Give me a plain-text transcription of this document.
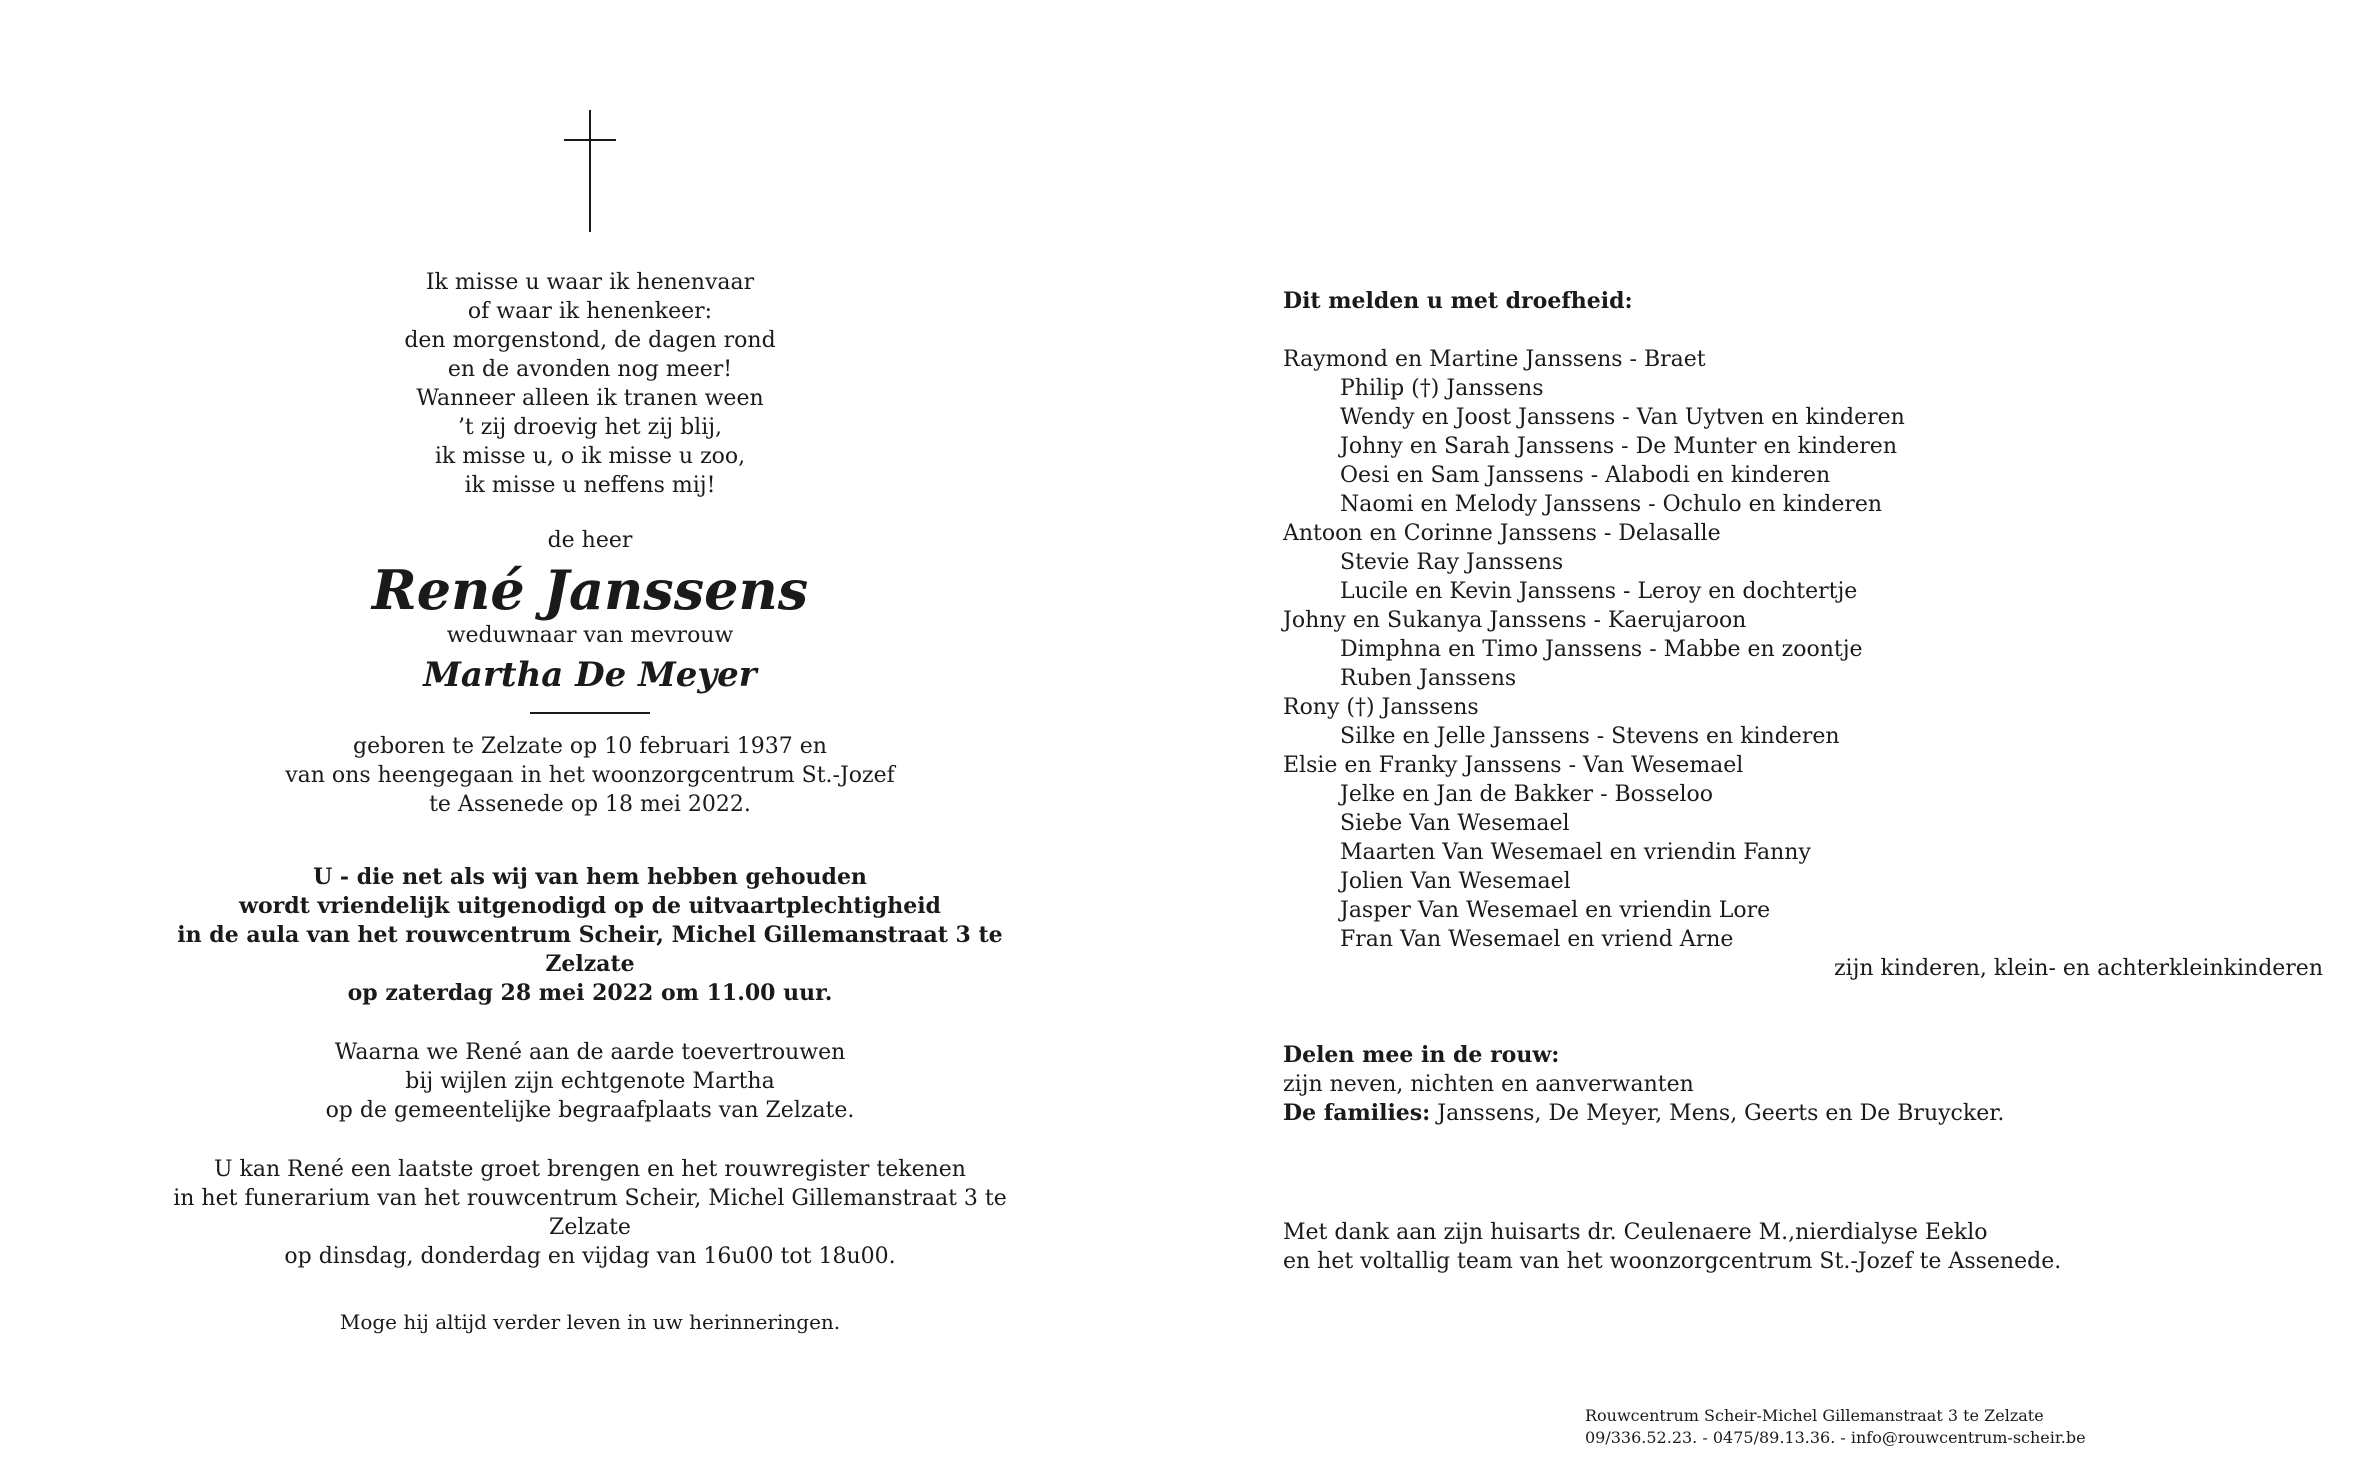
Ik misse u waar ik henenvaar
of waar ik henenkeer:
den morgenstond, de dagen rond
en de avonden nog meer!
Wanneer alleen ik tranen ween
’t zij droevig het zij blij,
ik misse u, o ik misse u zoo,
ik misse u neffens mij!
de heer
René Janssens
weduwnaar van mevrouw
Martha De Meyer
geboren te Zelzate op 10 februari 1937 en
van ons heengegaan in het woonzorgcentrum St.-Jozef
te Assenede op 18 mei 2022.
U - die net als wij van hem hebben gehouden
wordt vriendelijk uitgenodigd op de uitvaartplechtigheid
in de aula van het rouwcentrum Scheir, Michel Gillemanstraat 3 te Zelzate
op zaterdag 28 mei 2022 om 11.00 uur.
Waarna we René aan de aarde toevertrouwen
bij wijlen zijn echtgenote Martha
op de gemeentelijke begraafplaats van Zelzate.
U kan René een laatste groet brengen en het rouwregister tekenen
in het funerarium van het rouwcentrum Scheir, Michel Gillemanstraat 3 te Zelzate
op dinsdag, donderdag en vijdag van 16u00 tot 18u00.
Moge hij altijd verder leven in uw herinneringen.
Dit melden u met droefheid:
Raymond en Martine Janssens - Braet
Philip (†) Janssens
Wendy en Joost Janssens - Van Uytven en kinderen
Johny en Sarah Janssens - De Munter en kinderen
Oesi en Sam Janssens - Alabodi en kinderen
Naomi en Melody Janssens - Ochulo en kinderen
Antoon en Corinne Janssens - Delasalle
Stevie Ray Janssens
Lucile en Kevin Janssens - Leroy en dochtertje
Johny en Sukanya Janssens - Kaerujaroon
Dimphna en Timo Janssens - Mabbe en zoontje
Ruben Janssens
Rony (†) Janssens
Silke en Jelle Janssens - Stevens en kinderen
Elsie en Franky Janssens - Van Wesemael
Jelke en Jan de Bakker - Bosseloo
Siebe Van Wesemael
Maarten Van Wesemael en vriendin Fanny
Jolien Van Wesemael
Jasper Van Wesemael en vriendin Lore
Fran Van Wesemael en vriend Arne
zijn kinderen, klein- en achterkleinkinderen
Delen mee in de rouw:
zijn neven, nichten en aanverwanten
De families: Janssens, De Meyer, Mens, Geerts en De Bruycker.
Met dank aan zijn huisarts dr. Ceulenaere M.,nierdialyse Eeklo
en het voltallig team van het woonzorgcentrum St.-Jozef te Assenede.
Rouwcentrum Scheir-Michel Gillemanstraat 3 te Zelzate
09/336.52.23. - 0475/89.13.36. - info@rouwcentrum-scheir.be
